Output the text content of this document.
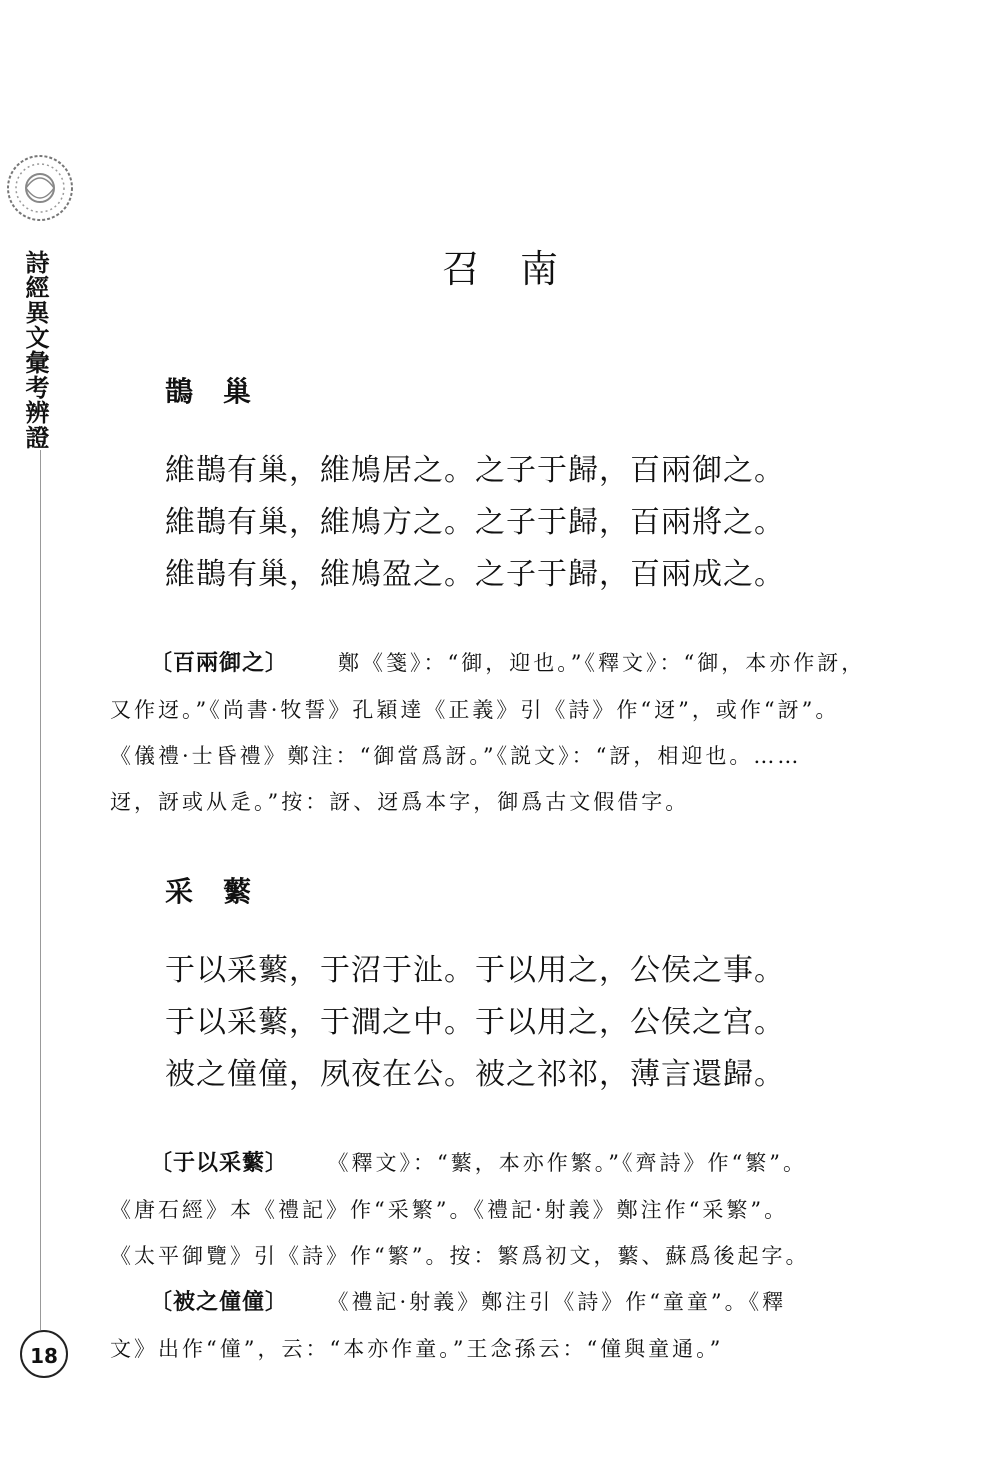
詩經異文彙考辨證
18
召南
鵲巢
維鵲有巢，維鳩居之。之子于歸，百兩御之。
維鵲有巢，維鳩方之。之子于歸，百兩將之。
維鵲有巢，維鳩盈之。之子于歸，百兩成之。

〔百兩御之〕 鄭《箋》：“御，迎也。”《釋文》：“御，本亦作訝，

又作迓。”《尚書·牧誓》孔穎達《正義》引《詩》作“迓”，或作“訝”。

《儀禮·士昏禮》鄭注：“御當爲訝。”《説文》：“訝，相迎也。……

迓，訝或从辵。”按：訝、迓爲本字，御爲古文假借字。

采蘩
于以采蘩，于沼于沚。于以用之，公侯之事。
于以采蘩，于澗之中。于以用之，公侯之宫。
被之僮僮，夙夜在公。被之祁祁，薄言還歸。

〔于以采蘩〕 《釋文》：“蘩，本亦作繁。”《齊詩》作“繁”。

《唐石經》本《禮記》作“采繁”。《禮記·射義》鄭注作“采繁”。

《太平御覽》引《詩》作“繁”。按：繁爲初文，蘩、蘇爲後起字。

〔被之僮僮〕 《禮記·射義》鄭注引《詩》作“童童”。《釋

文》出作“僮”，云：“本亦作童。”王念孫云：“僮與童通。”
